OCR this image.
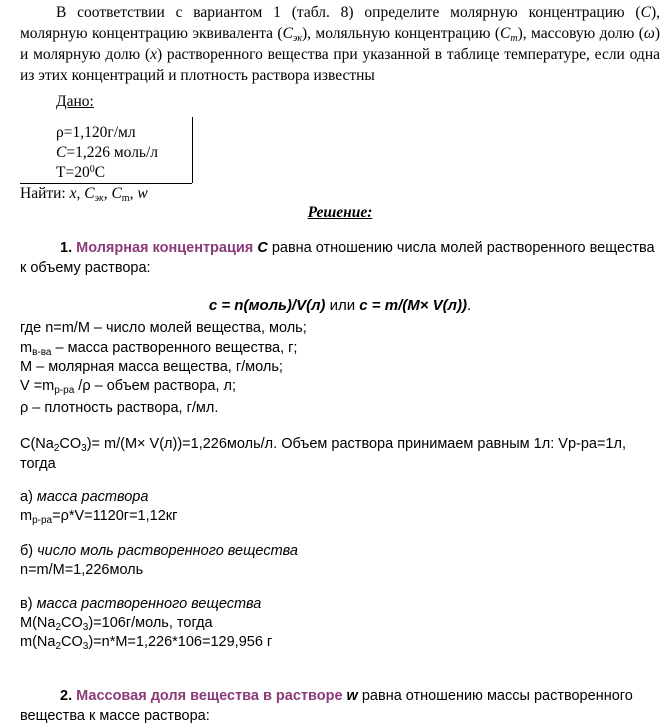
В соответствии с вариантом 1 (табл. 8) определите молярную концентрацию (C), молярную концентрацию эквивалента $(C_{эк})$, моляльную концентрацию $(C_m)$, массовую долю (ω) и молярную долю (x) растворенного вещества при указанной в таблице температуре, если одна из этих концентраций и плотность раствора известны
Дано:
ρ=1,120г/мл
C=1,226 моль/л
$T=20^0C$
Найти: x, $C_{эк}$, $C_m$, w
Решение:
1. Молярная концентрация C равна отношению числа молей растворенного вещества к объему раствора:
c = n(моль)/V(л) или c = m/(M× V(л)).
где n=m/M – число молей вещества, моль;
$m_{в-ва}$ – масса растворенного вещества, г;
M – молярная масса вещества, г/моль;
$V =m_{р-ра}$ /ρ – объем раствора, л;
ρ – плотность раствора, г/мл.
$C(Na_2CO_3)= m/(M\times$ V(л))=1,226моль/л. Объем раствора принимаем равным 1л: Vр-ра=1л, тогда
а) масса раствора
$m_{р-ра}=\rho*V=1120г=1,12кг$
б) число моль растворенного вещества
n=m/M=1,226моль
в) масса растворенного вещества
$M(Na_2CO_3)=106г$/моль, тогда
$m(Na_2CO_3)=n*M=1,226*106=129,956$ г
2. Массовая доля вещества в растворе w равна отношению массы растворенного вещества к массе раствора:
